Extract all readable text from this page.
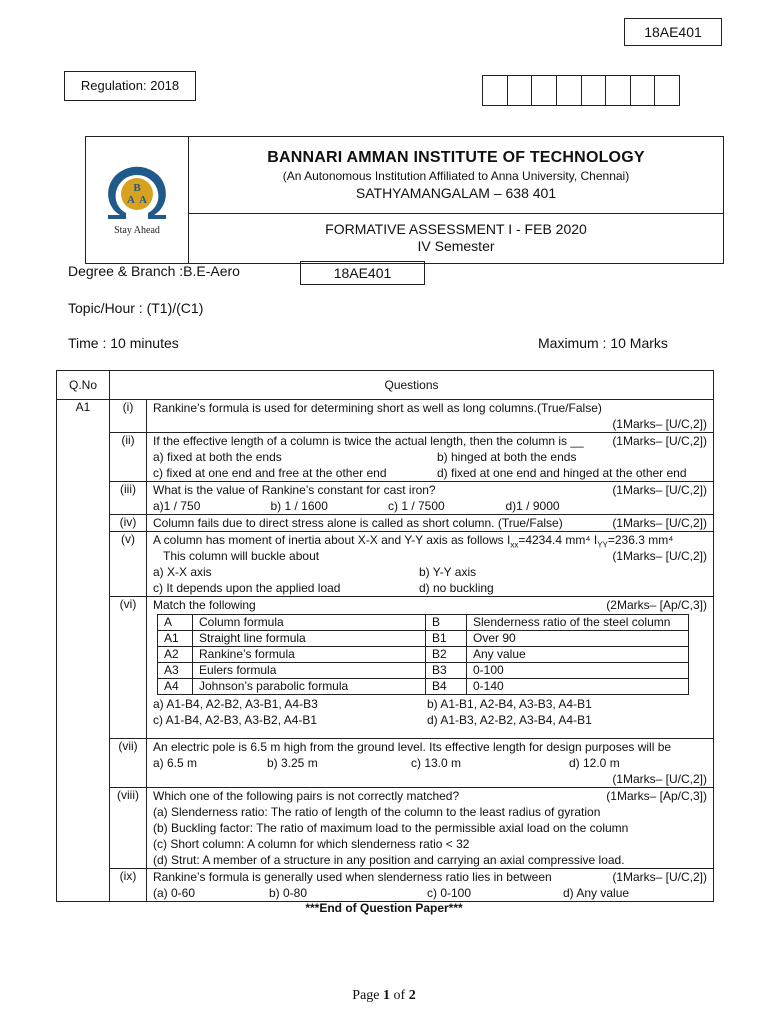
18AE401
Regulation: 2018
B
A A
Stay Ahead
BANNARI AMMAN INSTITUTE OF TECHNOLOGY
(An Autonomous Institution Affiliated to Anna University, Chennai)
SATHYAMANGALAM – 638 401
FORMATIVE ASSESSMENT I - FEB 2020
IV Semester
Degree & Branch :B.E-Aero	18AE401
Topic/Hour : (T1)/(C1)
Time : 10 minutes	Maximum : 10 Marks
Q.No	Questions
A1	(i)	Rankine’s formula is used for determining short as well as long columns.(True/False)
(1Marks– [U/C,2])

(ii)	If the effective length of a column is twice the actual length, then the column is __ (1Marks– [U/C,2])
a) fixed at both the ends	b) hinged at both the ends
c) fixed at one end and free at the other end	d) fixed at one end and hinged at the other end

(iii)	What is the value of Rankine’s constant for cast iron?	(1Marks– [U/C,2])
a)1 / 750	b) 1 / 1600	c) 1 / 7500	d)1 / 9000

(iv)	Column fails due to direct stress alone is called as short column. (True/False)	(1Marks– [U/C,2])

(v)	A column has moment of inertia about X-X and Y-Y axis as follows $I_{xx}=4234.4$ mm⁴ $I_{YY}=236.3$ mm⁴
This column will buckle about	(1Marks– [U/C,2])
a) X-X axis	b) Y-Y axis
c) It depends upon the applied load	d) no buckling

(vi)	Match the following	(2Marks– [Ap/C,3])
A	Column formula	B	Slenderness ratio of the steel column
A1	Straight line formula	B1	Over 90
A2	Rankine’s formula	B2	Any value
A3	Eulers formula	B3	0-100
A4	Johnson’s parabolic formula	B4	0-140
a) A1-B4, A2-B2, A3-B1, A4-B3	b) A1-B1, A2-B4, A3-B3, A4-B1
c) A1-B4, A2-B3, A3-B2, A4-B1	d) A1-B3, A2-B2, A3-B4, A4-B1

(vii)	An electric pole is 6.5 m high from the ground level. Its effective length for design purposes will be
a) 6.5 m	b) 3.25 m	c) 13.0 m	d) 12.0 m
(1Marks– [U/C,2])

(viii)	Which one of the following pairs is not correctly matched?	(1Marks– [Ap/C,3])
(a) Slenderness ratio: The ratio of length of the column to the least radius of gyration
(b) Buckling factor: The ratio of maximum load to the permissible axial load on the column
(c) Short column: A column for which slenderness ratio < 32
(d) Strut: A member of a structure in any position and carrying an axial compressive load.

(ix)	Rankine’s formula is generally used when slenderness ratio lies in between	(1Marks– [U/C,2])
(a) 0-60	b) 0-80	c) 0-100	d) Any value
***End of Question Paper***
Page 1 of 2
